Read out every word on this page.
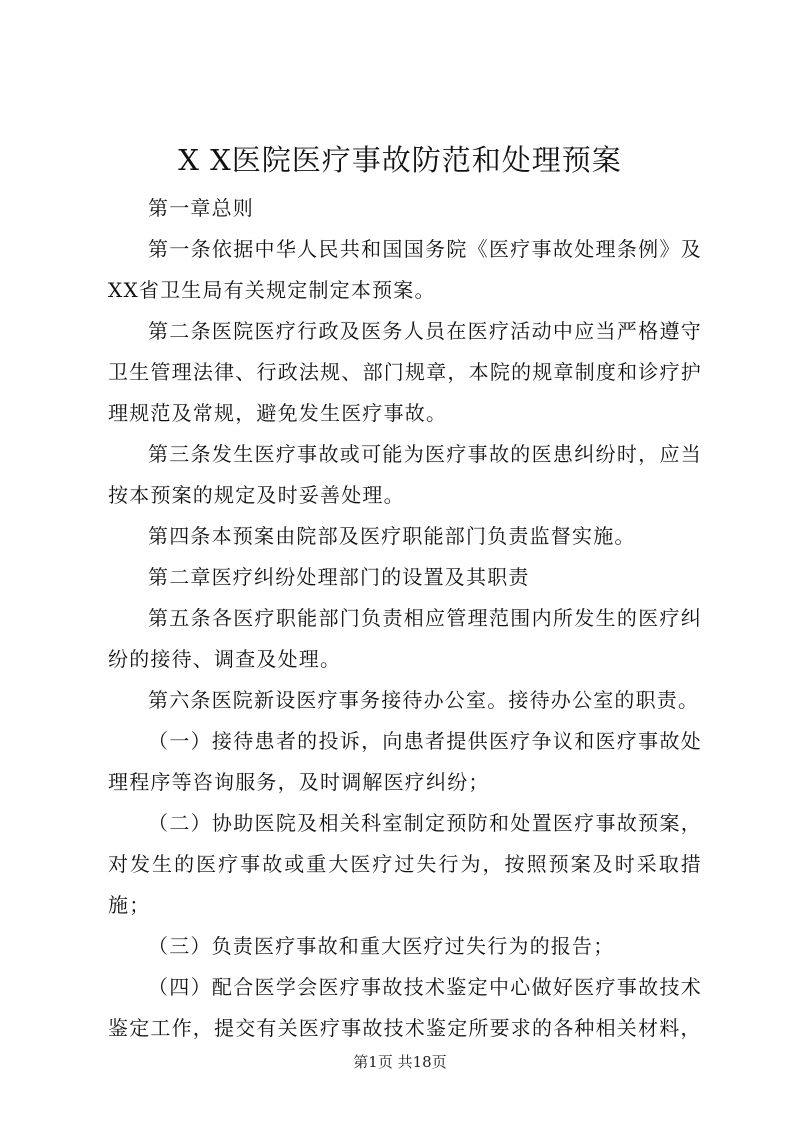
X X医院医疗事故防范和处理预案

第一章总则

第一条依据中华人民共和国国务院《医疗事故处理条例》及XX省卫生局有关规定制定本预案。

第二条医院医疗行政及医务人员在医疗活动中应当严格遵守卫生管理法律、行政法规、部门规章，本院的规章制度和诊疗护理规范及常规，避免发生医疗事故。

第三条发生医疗事故或可能为医疗事故的医患纠纷时，应当按本预案的规定及时妥善处理。

第四条本预案由院部及医疗职能部门负责监督实施。

第二章医疗纠纷处理部门的设置及其职责

第五条各医疗职能部门负责相应管理范围内所发生的医疗纠纷的接待、调查及处理。

第六条医院新设医疗事务接待办公室。接待办公室的职责。

（一）接待患者的投诉，向患者提供医疗争议和医疗事故处理程序等咨询服务，及时调解医疗纠纷；

（二）协助医院及相关科室制定预防和处置医疗事故预案，对发生的医疗事故或重大医疗过失行为，按照预案及时采取措施；

（三）负责医疗事故和重大医疗过失行为的报告；

（四）配合医学会医疗事故技术鉴定中心做好医疗事故技术鉴定工作，提交有关医疗事故技术鉴定所要求的各种相关材料，

第1页 共18页
